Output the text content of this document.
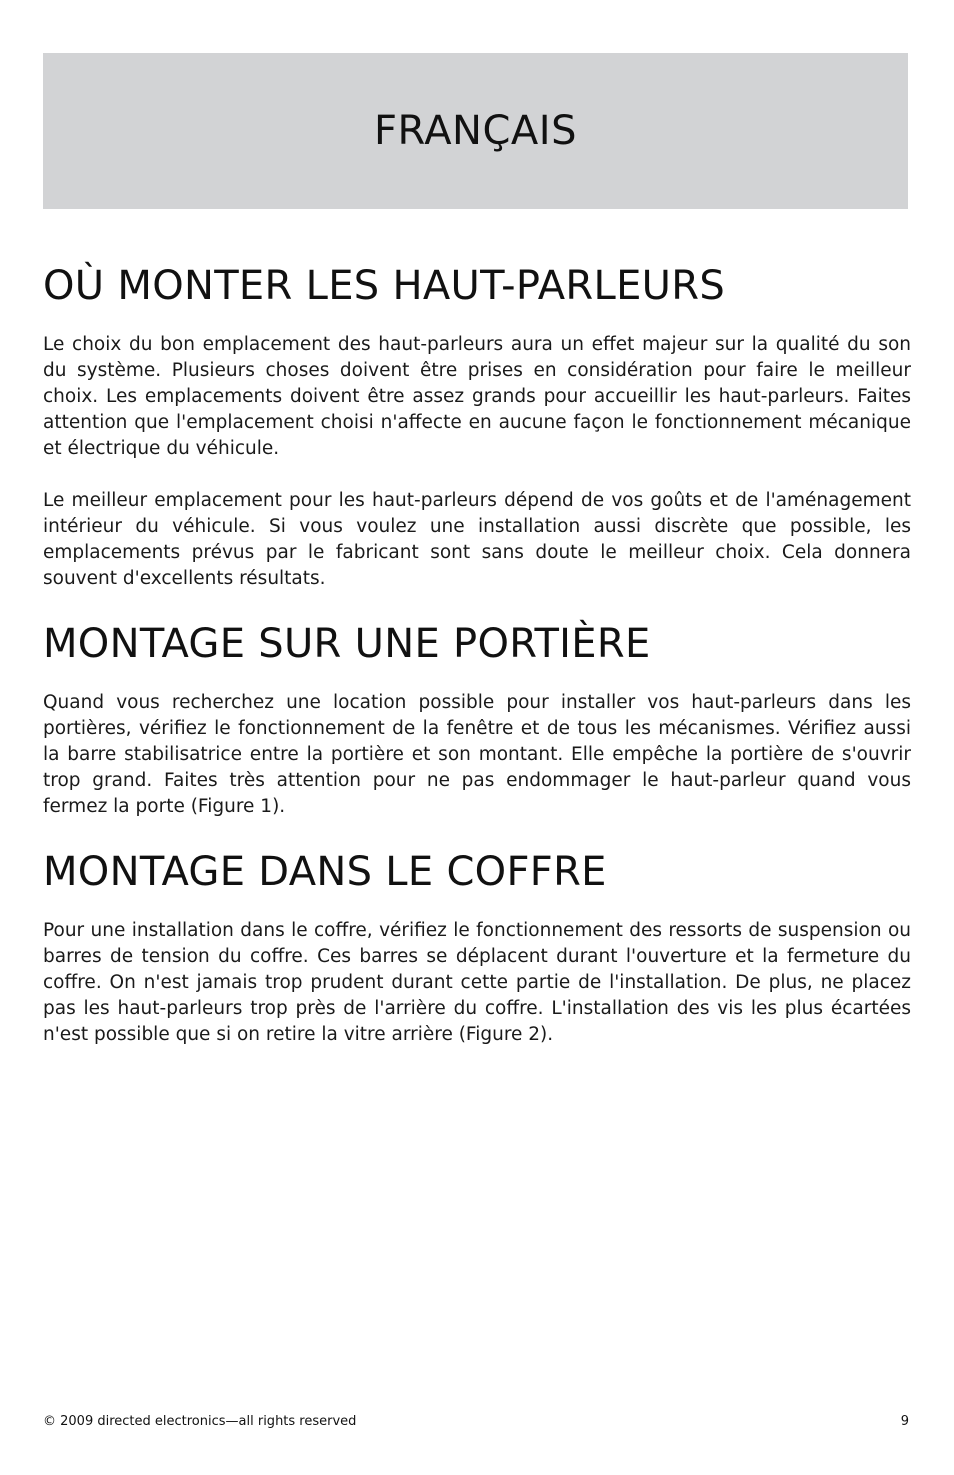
FRANÇAIS
OÙ MONTER LES HAUT-PARLEURS

Le choix du bon emplacement des haut-parleurs aura un effet majeur sur la qualité du son du système. Plusieurs choses doivent être prises en considération pour faire le meilleur choix. Les emplacements doivent être assez grands pour accueillir les haut-parleurs. Faites attention que l'emplacement choisi n'affecte en aucune façon le fonctionnement mécanique et électrique du véhicule.

Le meilleur emplacement pour les haut-parleurs dépend de vos goûts et de l'aménagement intérieur du véhicule. Si vous voulez une installation aussi discrète que possible, les emplacements prévus par le fabricant sont sans doute le meilleur choix. Cela donnera souvent d'excellents résultats.

MONTAGE SUR UNE PORTIÈRE

Quand vous recherchez une location possible pour installer vos haut-parleurs dans les portières, vérifiez le fonctionnement de la fenêtre et de tous les mécanismes. Vérifiez aussi la barre stabilisatrice entre la portière et son montant. Elle empêche la portière de s'ouvrir trop grand. Faites très attention pour ne pas endommager le haut-parleur quand vous fermez la porte (Figure 1).

MONTAGE DANS LE COFFRE

Pour une installation dans le coffre, vérifiez le fonctionnement des ressorts de suspension ou barres de tension du coffre. Ces barres se déplacent durant l'ouverture et la fermeture du coffre. On n'est jamais trop prudent durant cette partie de l'installation. De plus, ne placez pas les haut-parleurs trop près de l'arrière du coffre. L'installation des vis les plus écartées n'est possible que si on retire la vitre arrière (Figure 2).

© 2009 directed electronics—all rights reserved	9
